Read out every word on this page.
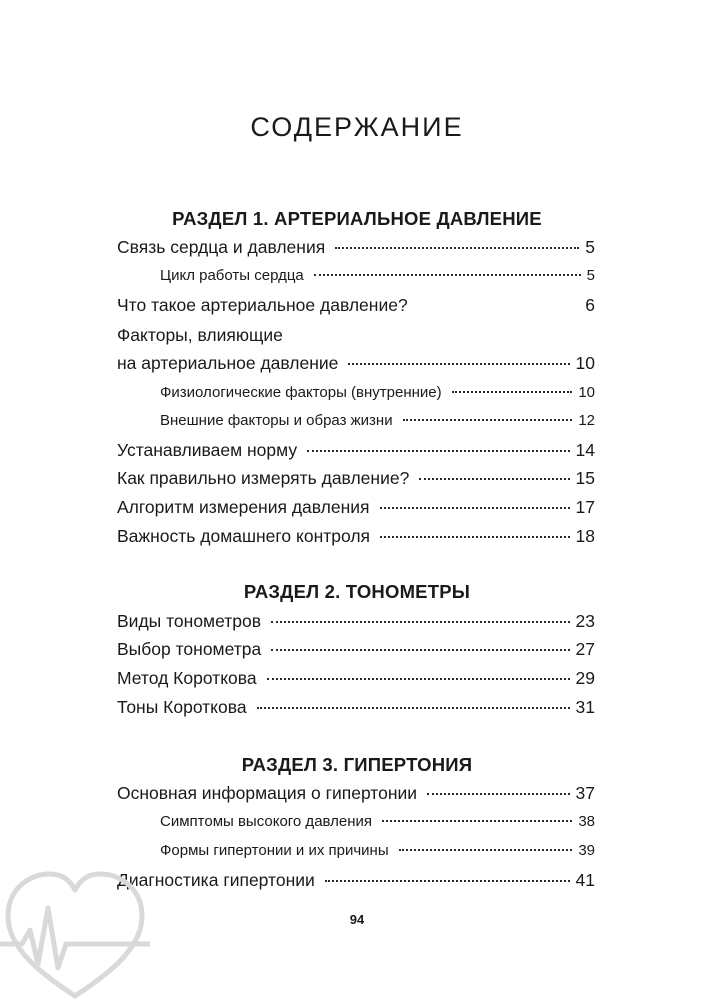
СОДЕРЖАНИЕ
РАЗДЕЛ 1. АРТЕРИАЛЬНОЕ ДАВЛЕНИЕ
Связь сердца и давления	5
Цикл работы сердца	5
Что такое артериальное давление?	6
Факторы, влияющие
на артериальное давление	10
Физиологические факторы (внутренние)	10
Внешние факторы и образ жизни	12
Устанавливаем норму	14
Как правильно измерять давление?	15
Алгоритм измерения давления	17
Важность домашнего контроля	18
РАЗДЕЛ 2. ТОНОМЕТРЫ
Виды тонометров	23
Выбор тонометра	27
Метод Короткова	29
Тоны Короткова	31
РАЗДЕЛ 3. ГИПЕРТОНИЯ
Основная информация о гипертонии	37
Симптомы высокого давления	38
Формы гипертонии и их причины	39
Диагностика гипертонии	41
94
